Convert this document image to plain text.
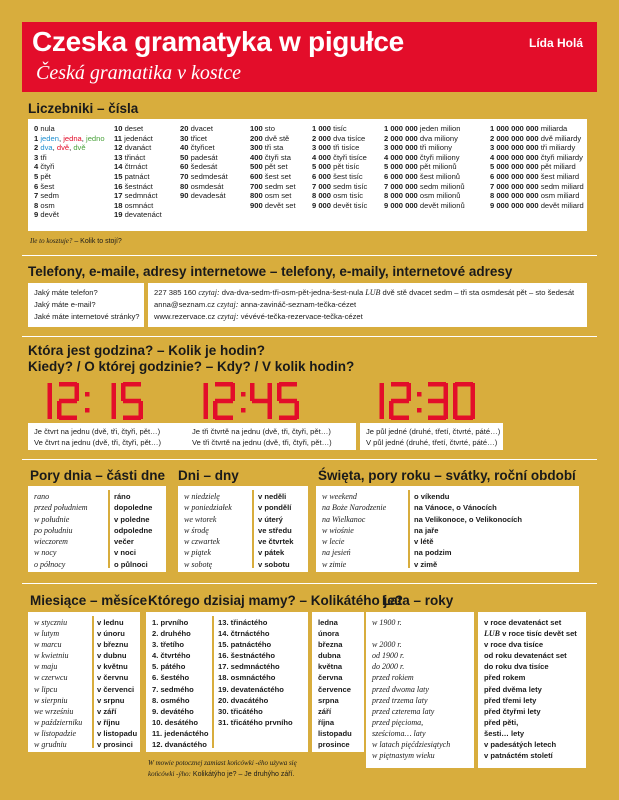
Czeska gramatyka w pigułce
Česká gramatika v kostce
Lída Holá
Liczebniki – čísla
0 nula
1 jeden, jedna, jedno
2 dva, dvě, dvě
3 tři
4 čtyři
5 pět
6 šest
7 sedm
8 osm
9 devět
10 deset
11 jedenáct
12 dvanáct
13 třináct
14 čtrnáct
15 patnáct
16 šestnáct
17 sedmnáct
18 osmnáct
19 devatenáct
20 dvacet
30 třicet
40 čtyřicet
50 padesát
60 šedesát
70 sedmdesát
80 osmdesát
90 devadesát
100 sto
200 dvě stě
300 tři sta
400 čtyři sta
500 pět set
600 šest set
700 sedm set
800 osm set
900 devět set
1 000 tisíc
2 000 dva tisíce
3 000 tři tisíce
4 000 čtyři tisíce
5 000 pět tisíc
6 000 šest tisíc
7 000 sedm tisíc
8 000 osm tisíc
9 000 devět tisíc
1 000 000 jeden milion
2 000 000 dva miliony
3 000 000 tři miliony
4 000 000 čtyři miliony
5 000 000 pět milionů
6 000 000 šest milionů
7 000 000 sedm milionů
8 000 000 osm milionů
9 000 000 devět milionů
1 000 000 000 miliarda
2 000 000 000 dvě miliardy
3 000 000 000 tři miliardy
4 000 000 000 čtyři miliardy
5 000 000 000 pět miliard
6 000 000 000 šest miliard
7 000 000 000 sedm miliard
8 000 000 000 osm miliard
9 000 000 000 devět miliard
Ile to kosztuje? – Kolik to stojí?
Telefony, e-maile, adresy internetowe – telefony, e-maily, internetové adresy
Jaký máte telefon?
Jaký máte e-mail?
Jaké máte internetové stránky?
227 385 160 czytaj: dva-dva-sedm-tři-osm-pět-jedna-šest-nula LUB dvě stě dvacet sedm – tři sta osmdesát pět – sto šedesát
anna@seznam.cz czytaj: anna-zavináč-seznam-tečka-cézet
www.rezervace.cz czytaj: vévévé-tečka-rezervace-tečka-cézet
Która jest godzina? – Kolik je hodin?
Kiedy? / O której godzinie? – Kdy? / V kolik hodin?
Je čtvrt na jednu (dvě, tři, čtyři, pět…)
Ve čtvrt na jednu (dvě, tři, čtyři, pět…)
Je tři čtvrtě na jednu (dvě, tři, čtyři, pět…)
Ve tři čtvrtě na jednu (dvě, tři, čtyři, pět…)
Je půl jedné (druhé, třetí, čtvrté, páté…)
V půl jedné (druhé, třetí, čtvrté, páté…)
Pory dnia – části dne Dni – dny	Święta, pory roku – svátky, roční období
rano
przed południem
w południe
po południu
wieczorem
w nocy
o północy
ráno
dopoledne
v poledne
odpoledne
večer
v noci
o půlnoci
w niedzielę
w poniedziałek
we wtorek
w środę
w czwartek
w piątek
w sobotę
v neděli
v pondělí
v úterý
ve středu
ve čtvrtek
v pátek
v sobotu
w weekend
na Boże Narodzenie
na Wielkanoc
w wiośnie
w lecie
na jesień
w zimie
o víkendu
na Vánoce, o Vánocích
na Velikonoce, o Velikonocích
na jaře
v létě
na podzim
v zimě
Miesiące – měsíce Którego dzisiaj mamy? – Kolikátého je?
Lata – roky
w styczniu
w lutym
w marcu
w kwietniu
w maju
w czerwcu
w lipcu
w sierpniu
we wrześniu
w październiku
w listopadzie
w grudniu
v lednu
v únoru
v březnu
v dubnu
v květnu
v červnu
v červenci
v srpnu
v září
v říjnu
v listopadu
v prosinci
1. prvního
2. druhého
3. třetího
4. čtvrtého
5. pátého
6. šestého
7. sedmého
8. osmého
9. devátého
10. desátého
11. jedenáctého
12. dvanáctého
13. třináctého
14. čtrnáctého
15. patnáctého
16. šestnáctého
17. sedmnáctého
18. osmnáctého
19. devatenáctého
20. dvacátého
30. třicátého
31. třicátého prvního
ledna
února
března
dubna
května
června
července
srpna
září
října
listopadu
prosince
w 1900 r.
w 2000 r.
od 1900 r.
do 2000 r.
przed rokiem
przed dwoma laty
przed trzema laty
przed czterema laty
przed pięcioma,
sześcioma… laty
w latach pięćdziesiątych
w piętnastym wieku
v roce devatenáct set
LUB v roce tisíc devět set
v roce dva tisíce
od roku devatenáct set
do roku dva tisíce
před rokem
před dvěma lety
před třemi lety
před čtyřmi lety
před pěti,
šesti… lety
v padesátých letech
v patnáctém století
W mowie potocznej zamiast końcówki -ého używa się
końcówki -ýho: Kolikátýho je? – Je druhýho září.
